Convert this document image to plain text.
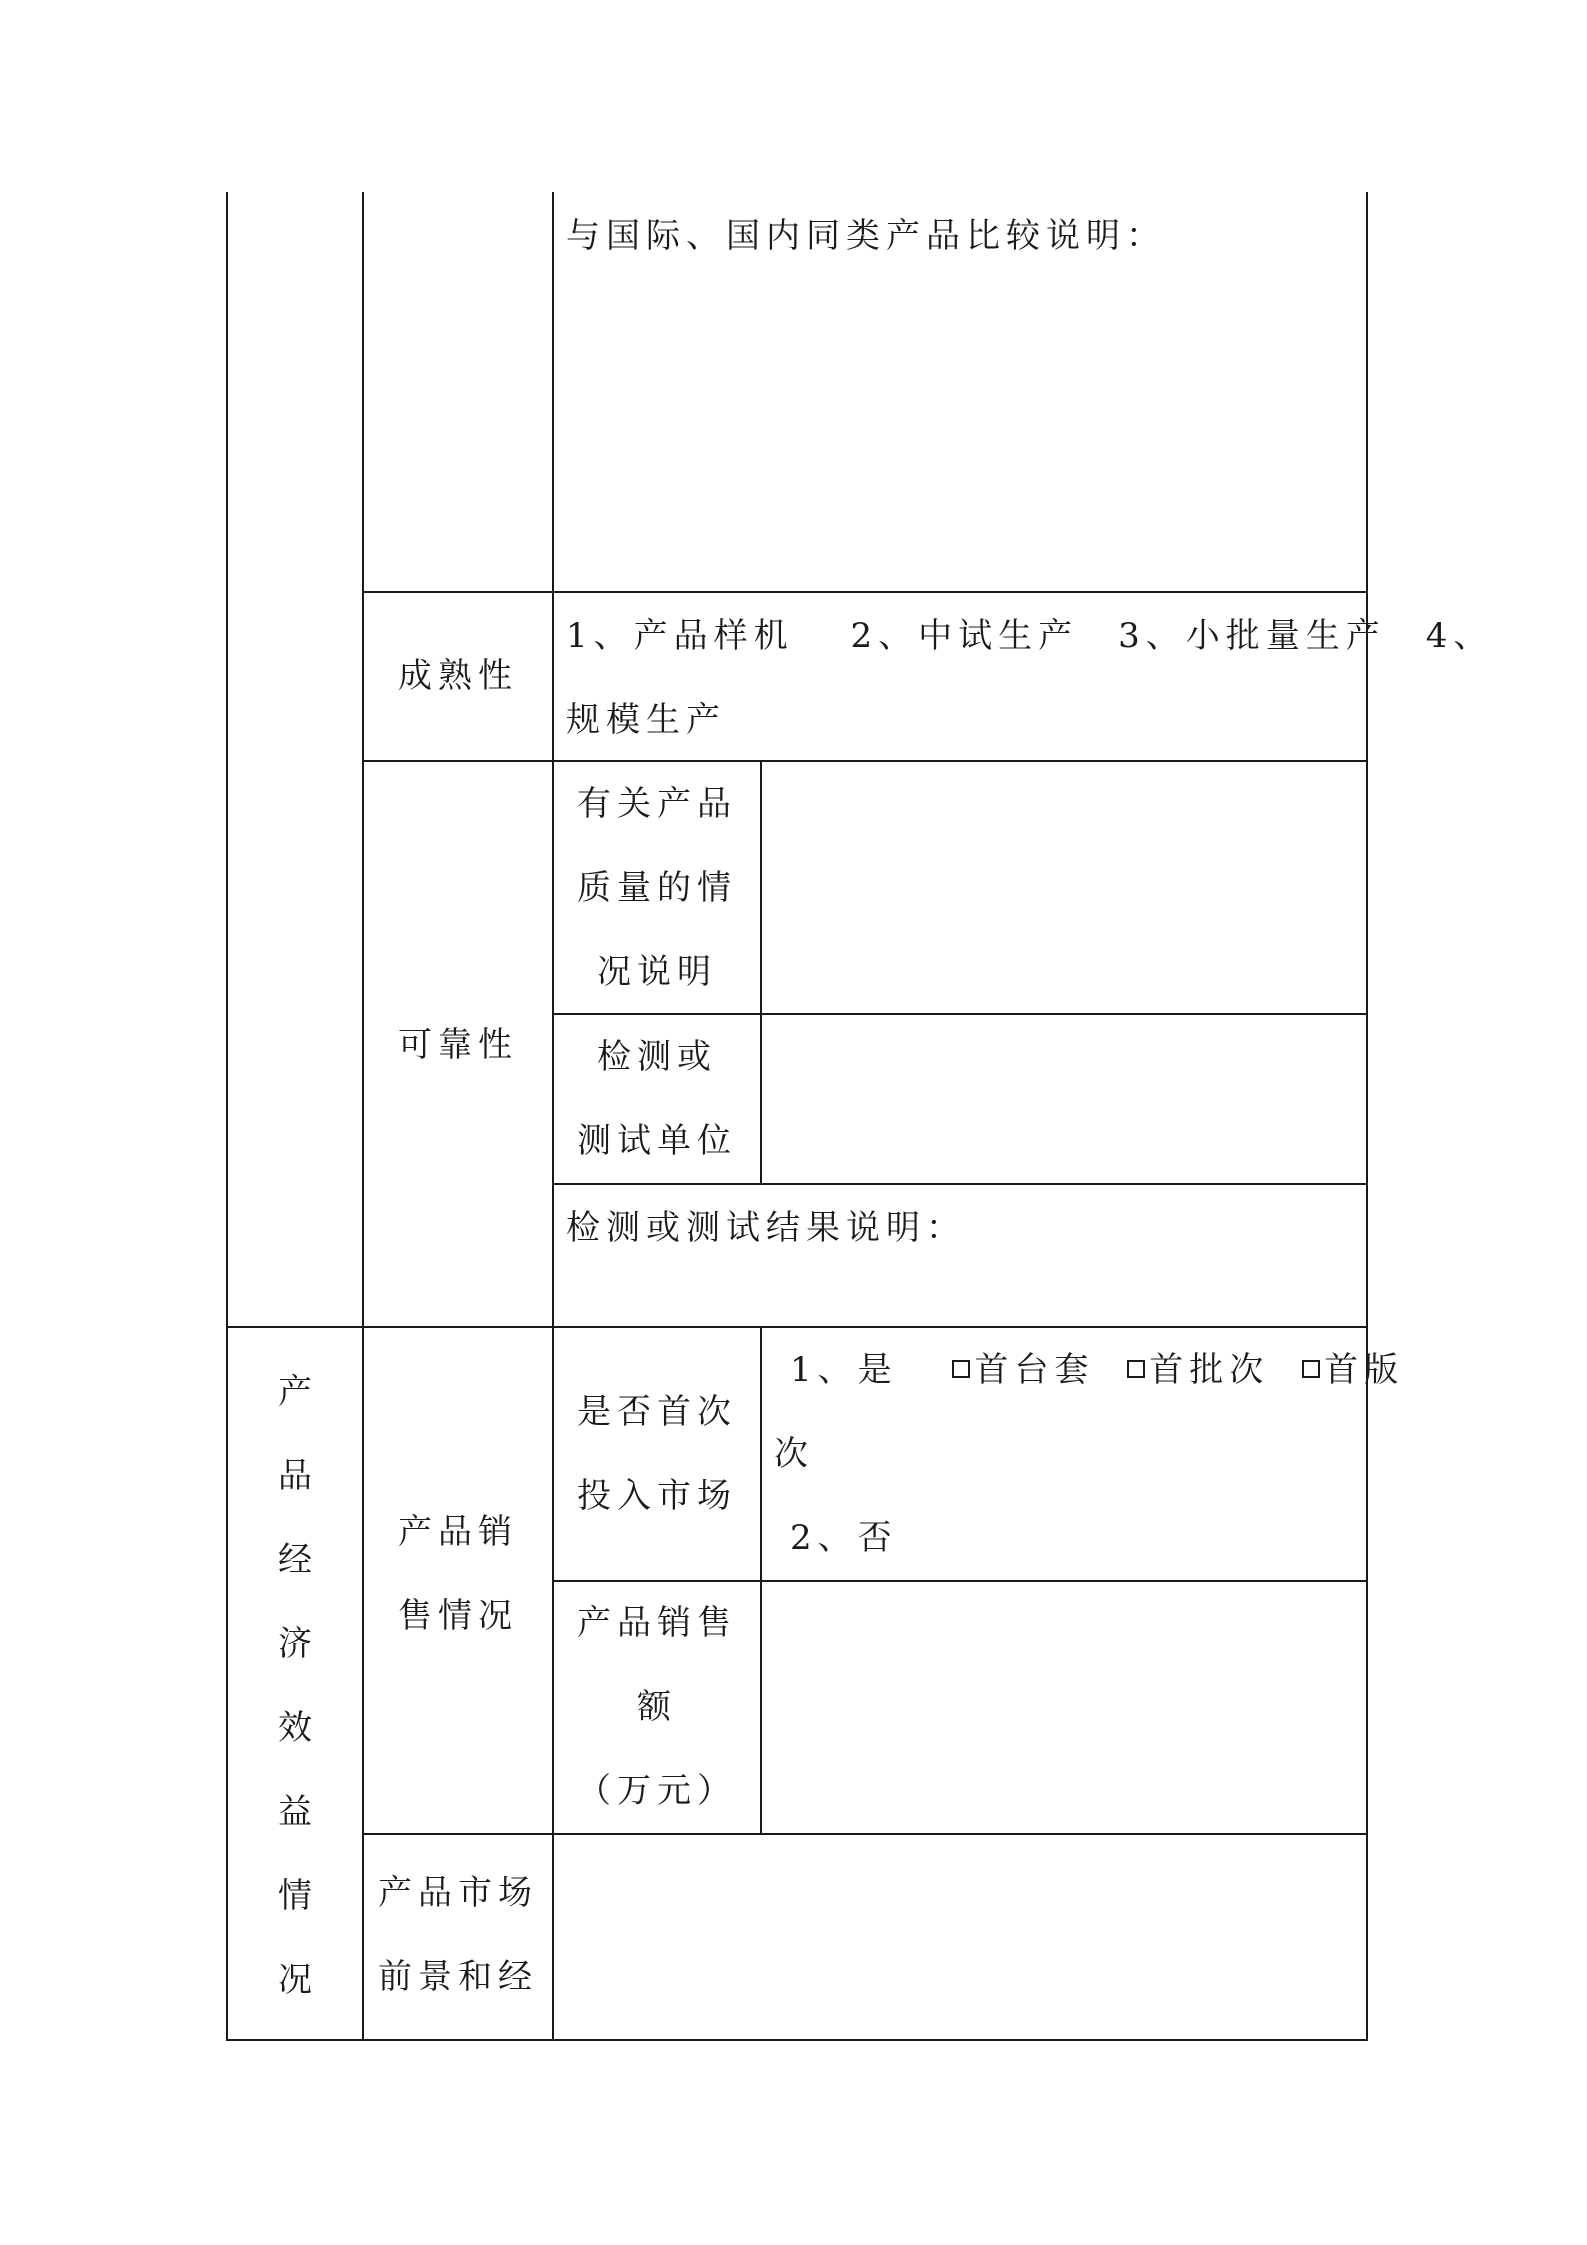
与国际、国内同类产品比较说明：
成熟性
1、产品样机　 2、中试生产　3、小批量生产　4、
规模生产
可靠性
有关产品
质量的情
况说明
检测或
测试单位
检测或测试结果说明：
产
品
经
济
效
益
情
况
产品销
售情况
是否首次
投入市场
1、是 首台套 首批次 首版
次
2、否
产品销售
额
（万元）
产品市场
前景和经
